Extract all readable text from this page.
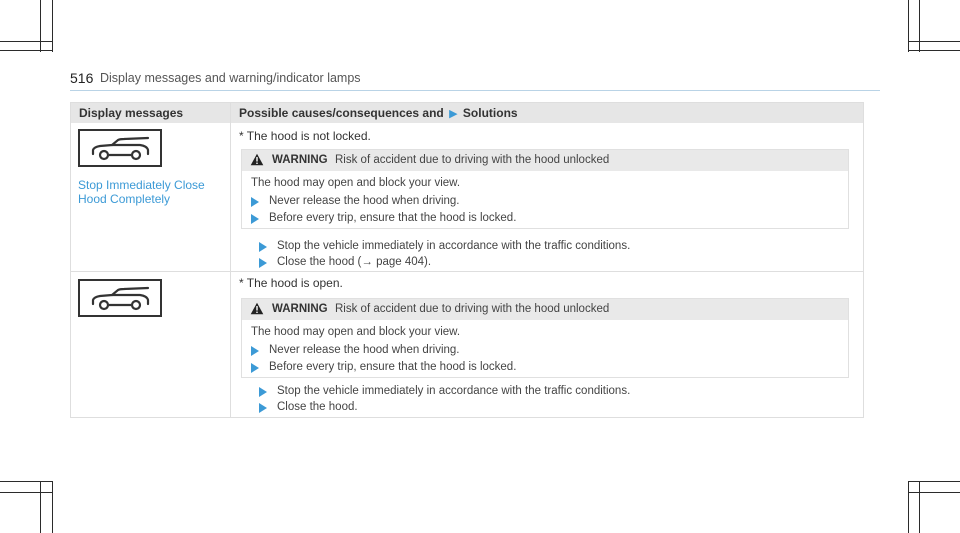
516 Display messages and warning/indicator lamps
Display messages	Possible causes/consequences and ▶ Solutions
Stop Immediately Close
Hood Completely
* The hood is not locked.
WARNING Risk of accident due to driving with the hood unlocked
The hood may open and block your view.
Never release the hood when driving.
Before every trip, ensure that the hood is locked.
Stop the vehicle immediately in accordance with the traffic conditions.
Close the hood (→ page 404).
* The hood is open.
WARNING Risk of accident due to driving with the hood unlocked
The hood may open and block your view.
Never release the hood when driving.
Before every trip, ensure that the hood is locked.
Stop the vehicle immediately in accordance with the traffic conditions.
Close the hood.
